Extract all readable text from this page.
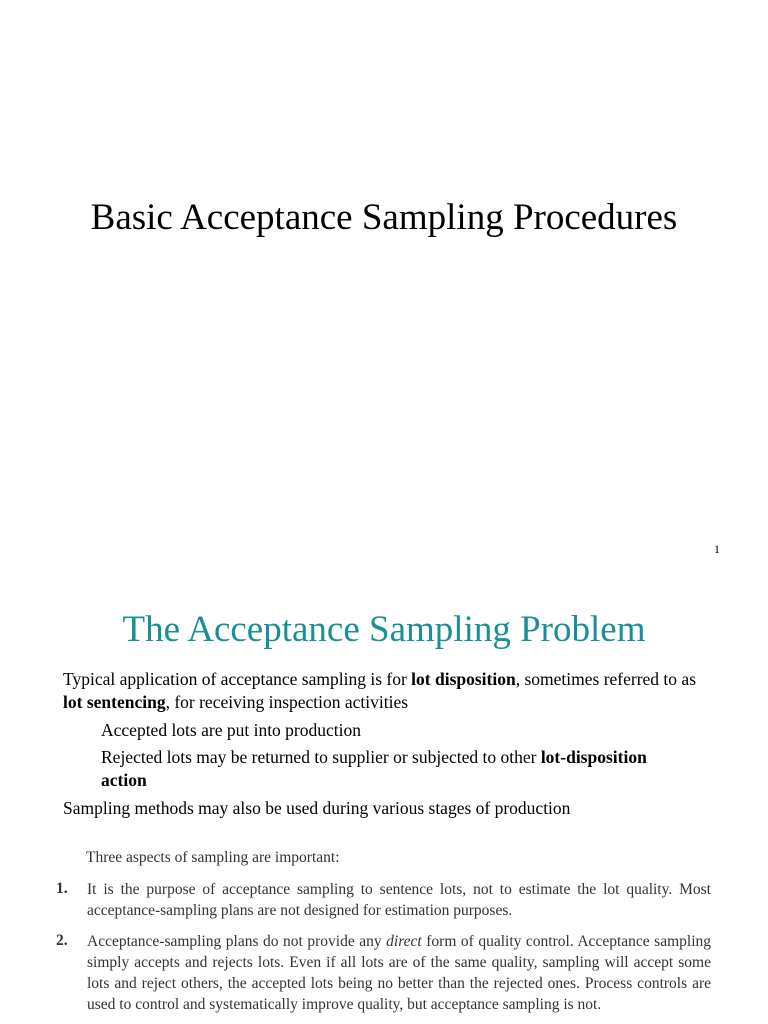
Basic Acceptance Sampling Procedures

1

The Acceptance Sampling Problem

Typical application of acceptance sampling is for lot disposition, sometimes referred to as lot sentencing, for receiving inspection activities

Accepted lots are put into production

Rejected lots may be returned to supplier or subjected to other lot-disposition action

Sampling methods may also be used during various stages of production

Three aspects of sampling are important:

1. It is the purpose of acceptance sampling to sentence lots, not to estimate the lot quality. Most acceptance-sampling plans are not designed for estimation purposes.

2. Acceptance-sampling plans do not provide any direct form of quality control. Acceptance sampling simply accepts and rejects lots. Even if all lots are of the same quality, sampling will accept some lots and reject others, the accepted lots being no better than the rejected ones. Process controls are used to control and systematically improve quality, but acceptance sampling is not.
